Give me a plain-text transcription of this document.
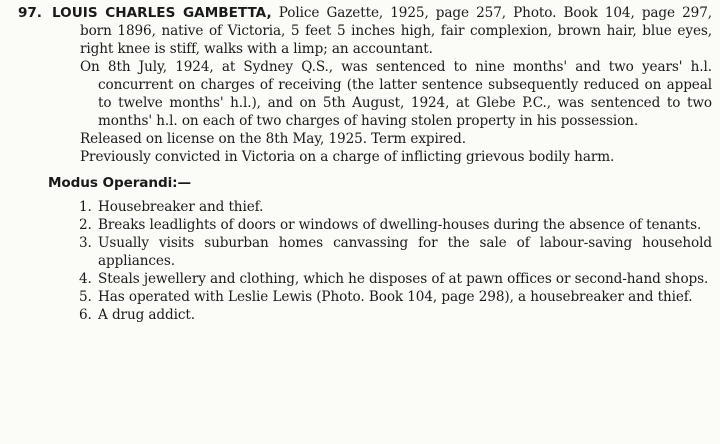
97. LOUIS CHARLES GAMBETTA, Police Gazette, 1925, page 257, Photo. Book 104, page 297, born 1896, native of Victoria, 5 feet 5 inches high, fair complexion, brown hair, blue eyes, right knee is stiff, walks with a limp; an accountant.

On 8th July, 1924, at Sydney Q.S., was sentenced to nine months' and two years' h.l. concurrent on charges of receiving (the latter sentence subsequently reduced on appeal to twelve months' h.l.), and on 5th August, 1924, at Glebe P.C., was sentenced to two months' h.l. on each of two charges of having stolen property in his possession.

Released on license on the 8th May, 1925. Term expired.

Previously convicted in Victoria on a charge of inflicting grievous bodily harm.

Modus Operandi:—
1. Housebreaker and thief.
2. Breaks leadlights of doors or windows of dwelling-houses during the absence of tenants.
3. Usually visits suburban homes canvassing for the sale of labour-saving household appliances.
4. Steals jewellery and clothing, which he disposes of at pawn offices or second-hand shops.
5. Has operated with Leslie Lewis (Photo. Book 104, page 298), a housebreaker and thief.
6. A drug addict.
